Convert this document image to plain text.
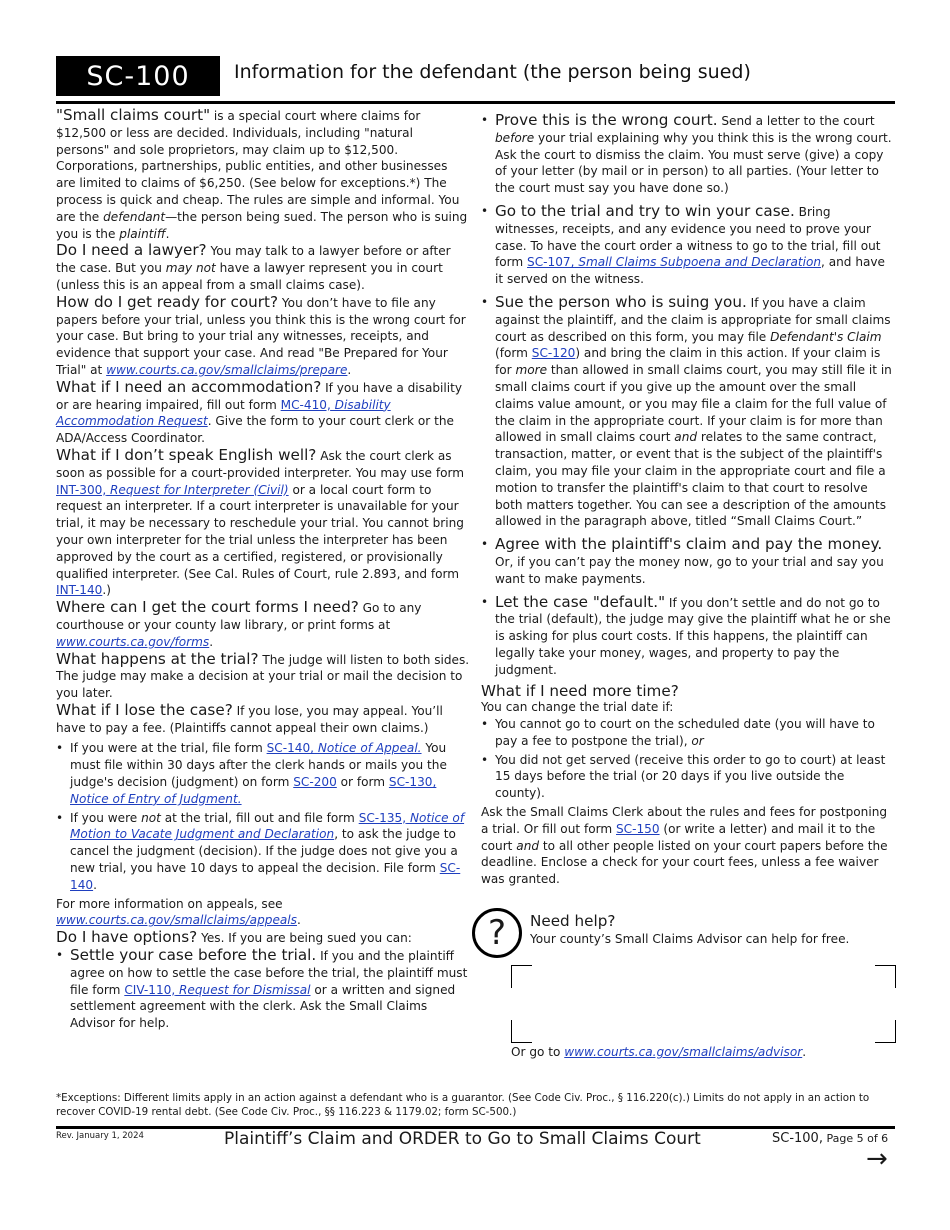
SC-100	Information for the defendant (the person being sued)

"Small claims court" is a special court where claims for $12,500 or less are decided. Individuals, including "natural persons" and sole proprietors, may claim up to $12,500. Corporations, partnerships, public entities, and other businesses are limited to claims of $6,250. (See below for exceptions.*) The process is quick and cheap. The rules are simple and informal. You are the defendant—the person being sued. The person who is suing you is the plaintiff.

Do I need a lawyer? You may talk to a lawyer before or after the case. But you may not have a lawyer represent you in court (unless this is an appeal from a small claims case).

How do I get ready for court? You don’t have to file any papers before your trial, unless you think this is the wrong court for your case. But bring to your trial any witnesses, receipts, and evidence that support your case. And read "Be Prepared for Your Trial" at www.courts.ca.gov/smallclaims/prepare.

What if I need an accommodation? If you have a disability or are hearing impaired, fill out form MC-410, Disability Accommodation Request. Give the form to your court clerk or the ADA/Access Coordinator.

What if I don’t speak English well? Ask the court clerk as soon as possible for a court-provided interpreter. You may use form INT-300, Request for Interpreter (Civil) or a local court form to request an interpreter. If a court interpreter is unavailable for your trial, it may be necessary to reschedule your trial. You cannot bring your own interpreter for the trial unless the interpreter has been approved by the court as a certified, registered, or provisionally qualified interpreter. (See Cal. Rules of Court, rule 2.893, and form INT-140.)

Where can I get the court forms I need? Go to any courthouse or your county law library, or print forms at www.courts.ca.gov/forms.

What happens at the trial? The judge will listen to both sides. The judge may make a decision at your trial or mail the decision to you later.

What if I lose the case? If you lose, you may appeal. You’ll have to pay a fee. (Plaintiffs cannot appeal their own claims.)

• If you were at the trial, file form SC-140, Notice of Appeal. You must file within 30 days after the clerk hands or mails you the judge's decision (judgment) on form SC-200 or form SC-130, Notice of Entry of Judgment.
• If you were not at the trial, fill out and file form SC-135, Notice of Motion to Vacate Judgment and Declaration, to ask the judge to cancel the judgment (decision). If the judge does not give you a new trial, you have 10 days to appeal the decision. File form SC-140.

For more information on appeals, see www.courts.ca.gov/smallclaims/appeals.

Do I have options? Yes. If you are being sued you can:

• Settle your case before the trial. If you and the plaintiff agree on how to settle the case before the trial, the plaintiff must file form CIV-110, Request for Dismissal or a written and signed settlement agreement with the clerk. Ask the Small Claims Advisor for help.
• Prove this is the wrong court. Send a letter to the court before your trial explaining why you think this is the wrong court. Ask the court to dismiss the claim. You must serve (give) a copy of your letter (by mail or in person) to all parties. (Your letter to the court must say you have done so.)
• Go to the trial and try to win your case. Bring witnesses, receipts, and any evidence you need to prove your case. To have the court order a witness to go to the trial, fill out form SC-107, Small Claims Subpoena and Declaration, and have it served on the witness.
• Sue the person who is suing you. If you have a claim against the plaintiff, and the claim is appropriate for small claims court as described on this form, you may file Defendant's Claim (form SC-120) and bring the claim in this action. If your claim is for more than allowed in small claims court, you may still file it in small claims court if you give up the amount over the small claims value amount, or you may file a claim for the full value of the claim in the appropriate court. If your claim is for more than allowed in small claims court and relates to the same contract, transaction, matter, or event that is the subject of the plaintiff's claim, you may file your claim in the appropriate court and file a motion to transfer the plaintiff's claim to that court to resolve both matters together. You can see a description of the amounts allowed in the paragraph above, titled “Small Claims Court.”
• Agree with the plaintiff's claim and pay the money. Or, if you can’t pay the money now, go to your trial and say you want to make payments.
• Let the case "default." If you don’t settle and do not go to the trial (default), the judge may give the plaintiff what he or she is asking for plus court costs. If this happens, the plaintiff can legally take your money, wages, and property to pay the judgment.

What if I need more time?

You can change the trial date if:

• You cannot go to court on the scheduled date (you will have to pay a fee to postpone the trial), or
• You did not get served (receive this order to go to court) at least 15 days before the trial (or 20 days if you live outside the county).

Ask the Small Claims Clerk about the rules and fees for postponing a trial. Or fill out form SC-150 (or write a letter) and mail it to the court and to all other people listed on your court papers before the deadline. Enclose a check for your court fees, unless a fee waiver was granted.

?	Need help?
Your county’s Small Claims Advisor can help for free.
Or go to www.courts.ca.gov/smallclaims/advisor.
*Exceptions: Different limits apply in an action against a defendant who is a guarantor. (See Code Civ. Proc., § 116.220(c).) Limits do not apply in an action to recover COVID-19 rental debt. (See Code Civ. Proc., §§ 116.223 & 1179.02; form SC-500.)
Rev. January 1, 2024	Plaintiff’s Claim and ORDER to Go to Small Claims Court	SC-100, Page 5 of 6
→
